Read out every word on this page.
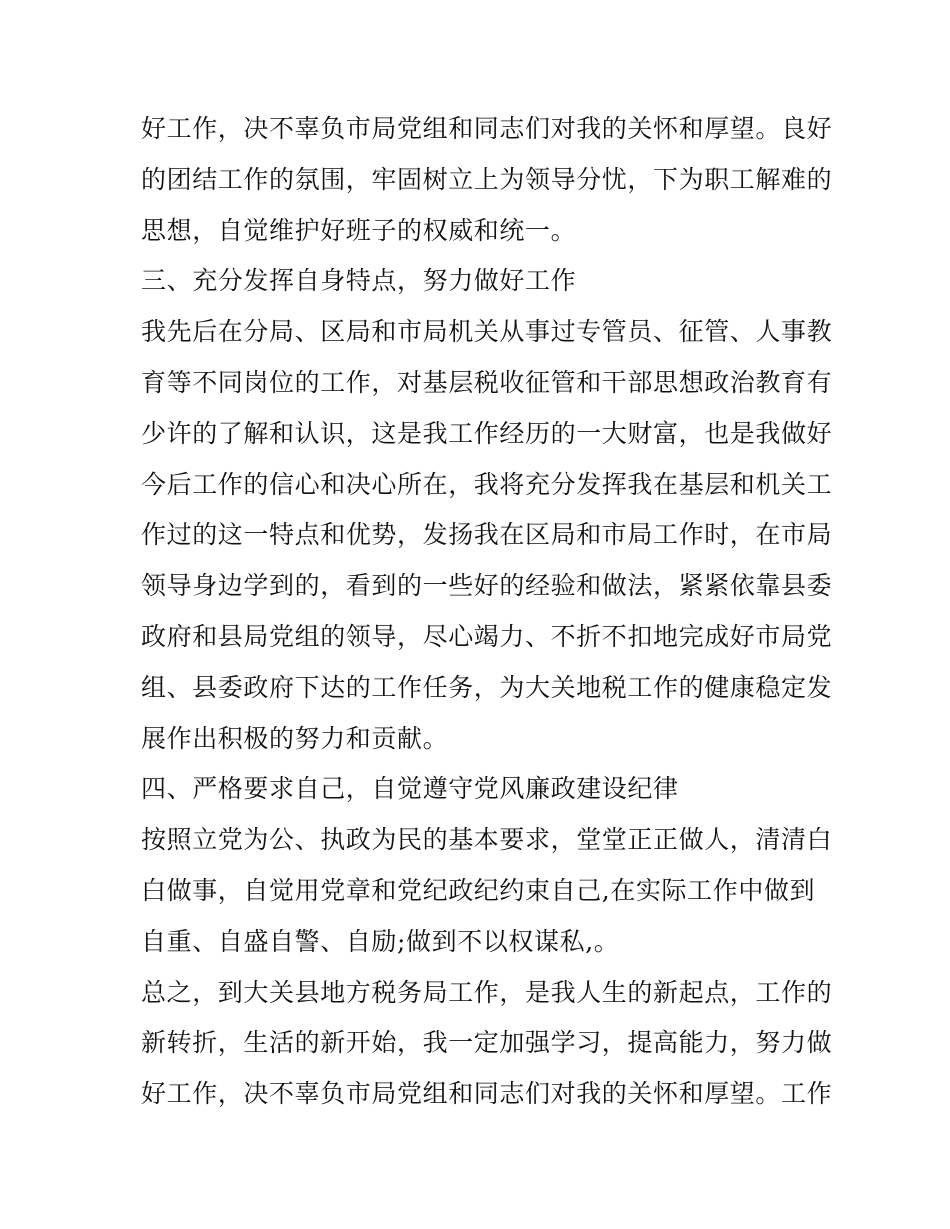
好工作，决不辜负市局党组和同志们对我的关怀和厚望。良好
的团结工作的氛围，牢固树立上为领导分忧，下为职工解难的
思想，自觉维护好班子的权威和统一。
三、充分发挥自身特点，努力做好工作
我先后在分局、区局和市局机关从事过专管员、征管、人事教
育等不同岗位的工作，对基层税收征管和干部思想政治教育有
少许的了解和认识，这是我工作经历的一大财富，也是我做好
今后工作的信心和决心所在，我将充分发挥我在基层和机关工
作过的这一特点和优势，发扬我在区局和市局工作时，在市局
领导身边学到的，看到的一些好的经验和做法，紧紧依靠县委
政府和县局党组的领导，尽心竭力、不折不扣地完成好市局党
组、县委政府下达的工作任务，为大关地税工作的健康稳定发
展作出积极的努力和贡献。
四、严格要求自己，自觉遵守党风廉政建设纪律
按照立党为公、执政为民的基本要求，堂堂正正做人，清清白
白做事，自觉用党章和党纪政纪约束自己,在实际工作中做到
自重、自盛自警、自励;做到不以权谋私,。
总之，到大关县地方税务局工作，是我人生的新起点，工作的
新转折，生活的新开始，我一定加强学习，提高能力，努力做
好工作，决不辜负市局党组和同志们对我的关怀和厚望。工作
